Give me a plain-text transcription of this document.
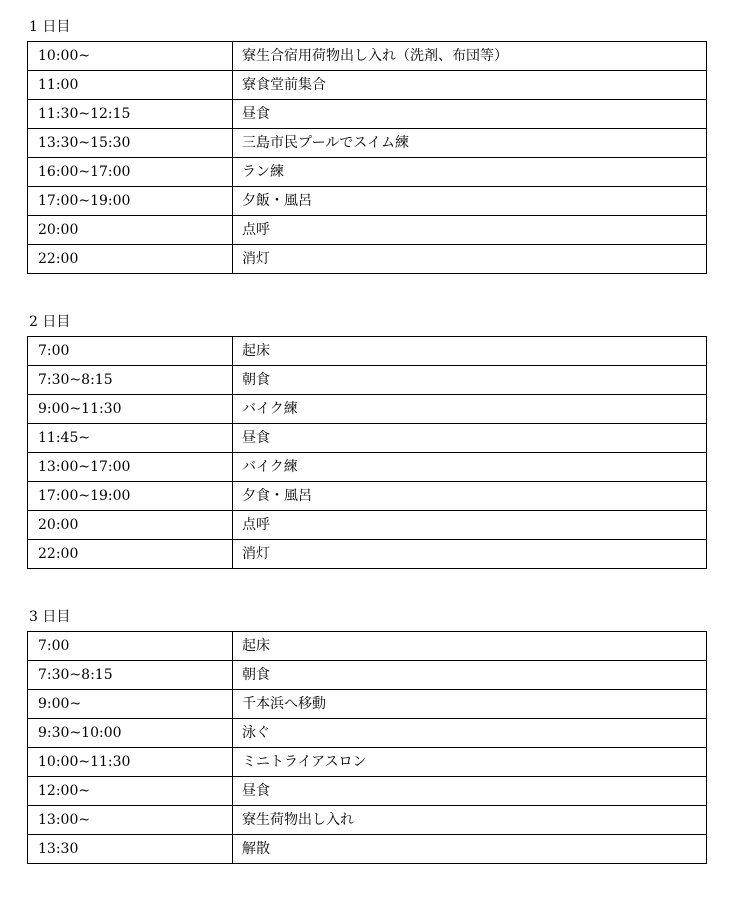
1 日目
10:00~	寮生合宿用荷物出し入れ（洗剤、布団等）
11:00	寮食堂前集合
11:30~12:15	昼食
13:30~15:30	三島市民プールでスイム練
16:00~17:00	ラン練
17:00~19:00	夕飯・風呂
20:00	点呼
22:00	消灯
2 日目
7:00	起床
7:30~8:15	朝食
9:00~11:30	バイク練
11:45~	昼食
13:00~17:00	バイク練
17:00~19:00	夕食・風呂
20:00	点呼
22:00	消灯
3 日目
7:00	起床
7:30~8:15	朝食
9:00~	千本浜へ移動
9:30~10:00	泳ぐ
10:00~11:30	ミニトライアスロン
12:00~	昼食
13:00~	寮生荷物出し入れ
13:30	解散
